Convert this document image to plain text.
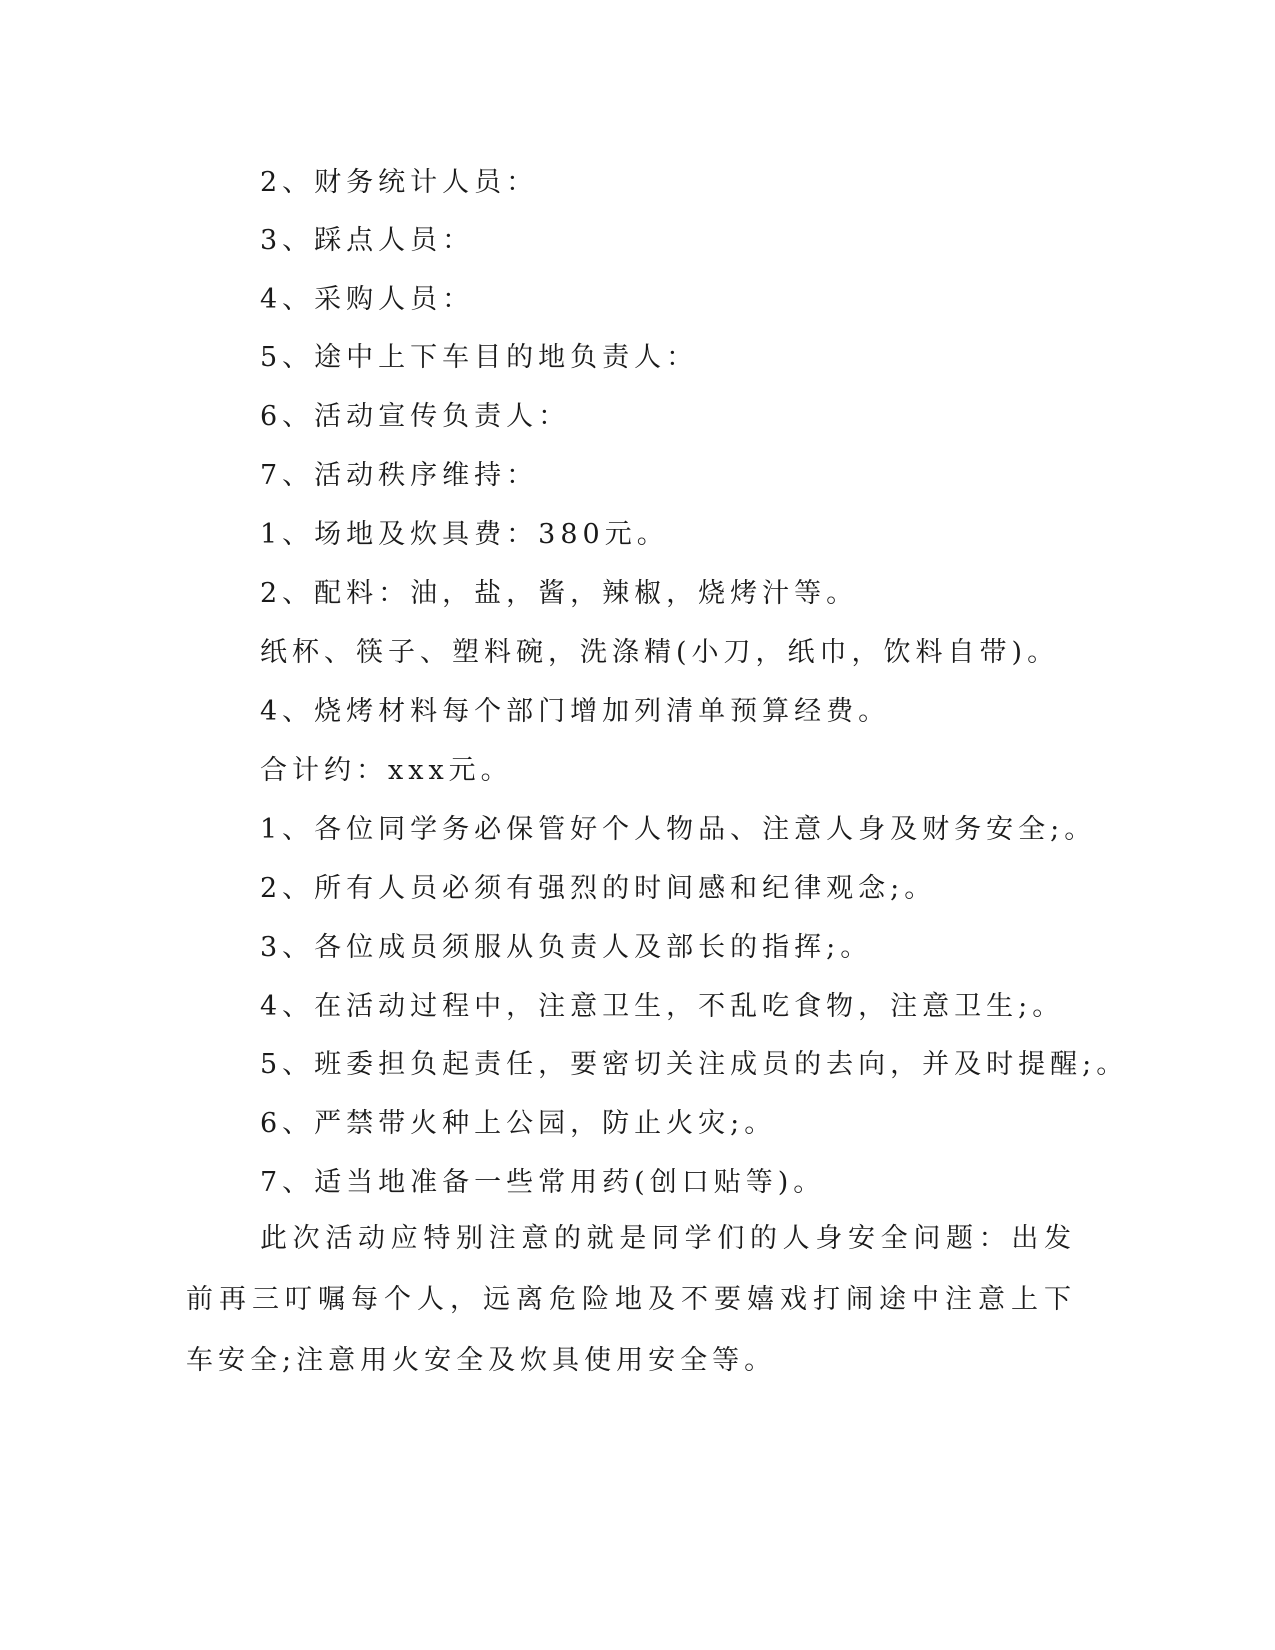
2、财务统计人员：
3、踩点人员：
4、采购人员：
5、途中上下车目的地负责人：
6、活动宣传负责人：
7、活动秩序维持：
1、场地及炊具费：380元。
2、配料：油，盐，酱，辣椒，烧烤汁等。
纸杯、筷子、塑料碗，洗涤精(小刀，纸巾，饮料自带)。
4、烧烤材料每个部门增加列清单预算经费。
合计约：xxx元。
1、各位同学务必保管好个人物品、注意人身及财务安全;。
2、所有人员必须有强烈的时间感和纪律观念;。
3、各位成员须服从负责人及部长的指挥;。
4、在活动过程中，注意卫生，不乱吃食物，注意卫生;。
5、班委担负起责任，要密切关注成员的去向，并及时提醒;。
6、严禁带火种上公园，防止火灾;。
7、适当地准备一些常用药(创口贴等)。
此次活动应特别注意的就是同学们的人身安全问题：出发前再三叮嘱每个人，远离危险地及不要嬉戏打闹途中注意上下车安全;注意用火安全及炊具使用安全等。
